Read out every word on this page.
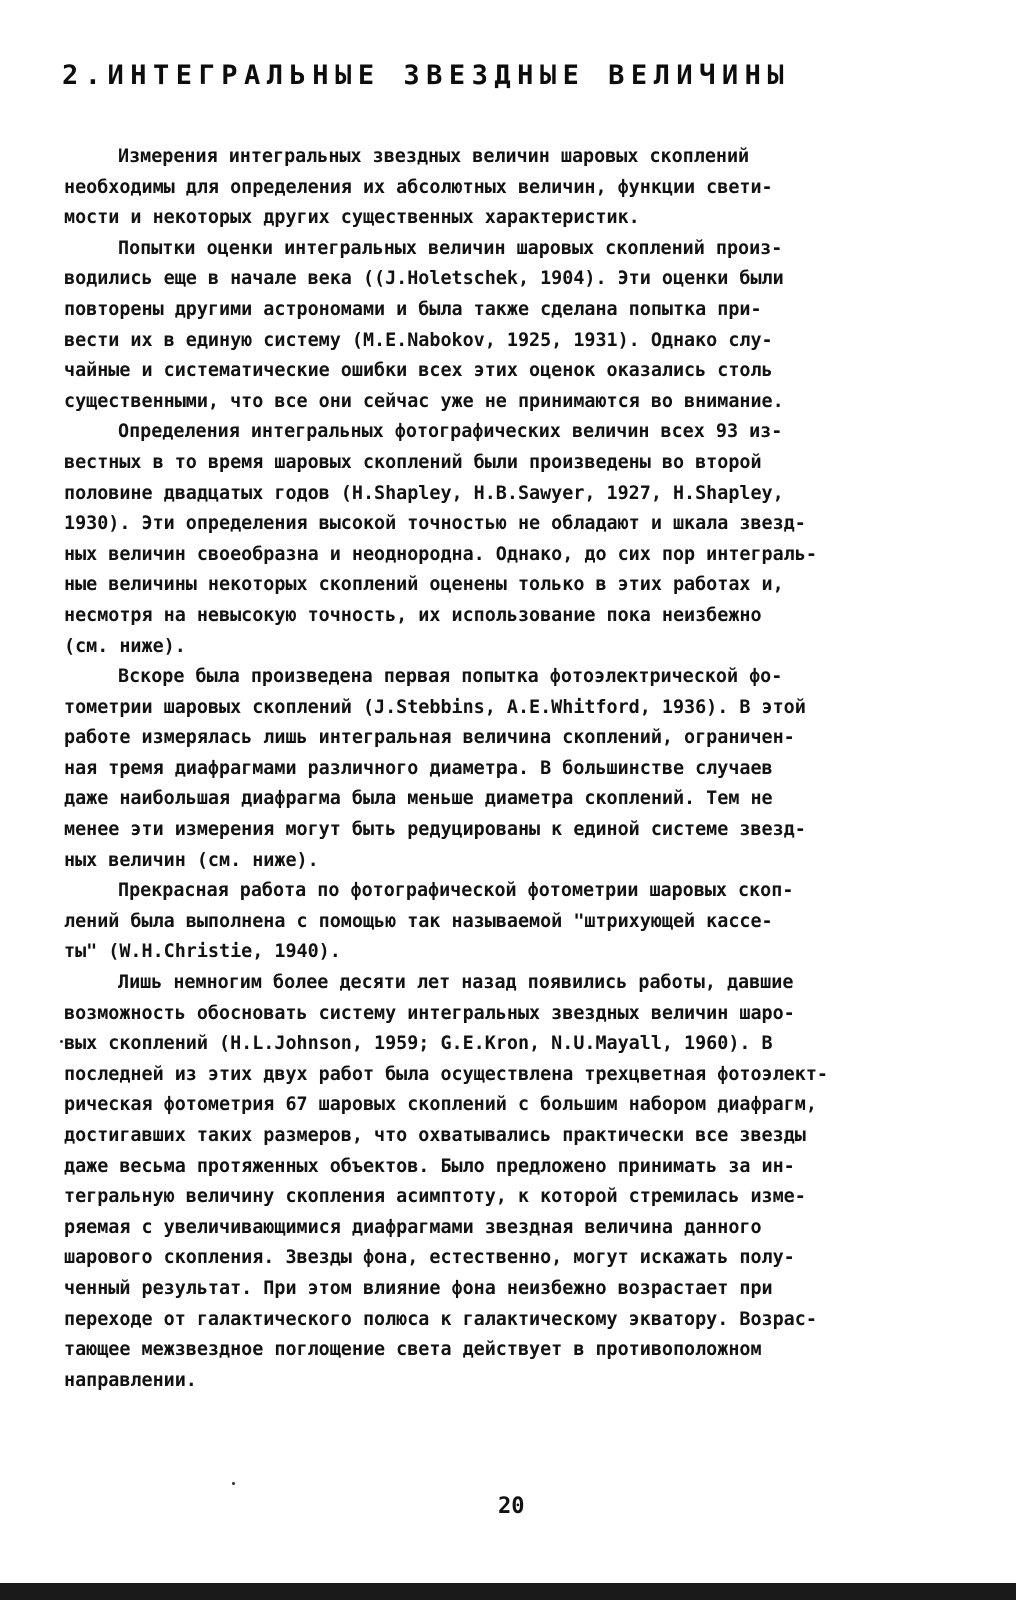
2.ИНТЕГРАЛЬНЫЕ ЗВЕЗДНЫЕ ВЕЛИЧИНЫ
Измерения интегральных звездных величин шаровых скоплений
необходимы для определения их абсолютных величин, функции свети-
мости и некоторых других существенных характеристик.
Попытки оценки интегральных величин шаровых скоплений произ-
водились еще в начале века ((J.Holetschek, 1904). Эти оценки были
повторены другими астрономами и была также сделана попытка при-
вести их в единую систему (M.E.Nabokov, 1925, 1931). Однако слу-
чайные и систематические ошибки всех этих оценок оказались столь
существенными, что все они сейчас уже не принимаются во внимание.
Определения интегральных фотографических величин всех 93 из-
вестных в то время шаровых скоплений были произведены во второй
половине двадцатых годов (H.Shapley, H.B.Sawyer, 1927, H.Shapley,
1930). Эти определения высокой точностью не обладают и шкала звезд-
ных величин своеобразна и неоднородна. Однако, до сих пор интеграль-
ные величины некоторых скоплений оценены только в этих работах и,
несмотря на невысокую точность, их использование пока неизбежно
(см. ниже).
Вскоре была произведена первая попытка фотоэлектрической фо-
тометрии шаровых скоплений (J.Stebbins, A.E.Whitford, 1936). В этой
работе измерялась лишь интегральная величина скоплений, ограничен-
ная тремя диафрагмами различного диаметра. В большинстве случаев
даже наибольшая диафрагма была меньше диаметра скоплений. Тем не
менее эти измерения могут быть редуцированы к единой системе звезд-
ных величин (см. ниже).
Прекрасная работа по фотографической фотометрии шаровых скоп-
лений была выполнена с помощью так называемой "штрихующей кассе-
ты" (W.H.Christie, 1940).
Лишь немногим более десяти лет назад появились работы, давшие
возможность обосновать систему интегральных звездных величин шаро-
вых скоплений (H.L.Johnson, 1959; G.E.Kron, N.U.Mayall, 1960). В
последней из этих двух работ была осуществлена трехцветная фотоэлект-
рическая фотометрия 67 шаровых скоплений с большим набором диафрагм,
достигавших таких размеров, что охватывались практически все звезды
даже весьма протяженных объектов. Было предложено принимать за ин-
тегральную величину скопления асимптоту, к которой стремилась изме-
ряемая с увеличивающимися диафрагмами звездная величина данного
шарового скопления. Звезды фона, естественно, могут искажать полу-
ченный результат. При этом влияние фона неизбежно возрастает при
переходе от галактического полюса к галактическому экватору. Возрас-
тающее межзвездное поглощение света действует в противоположном
направлении.
20
